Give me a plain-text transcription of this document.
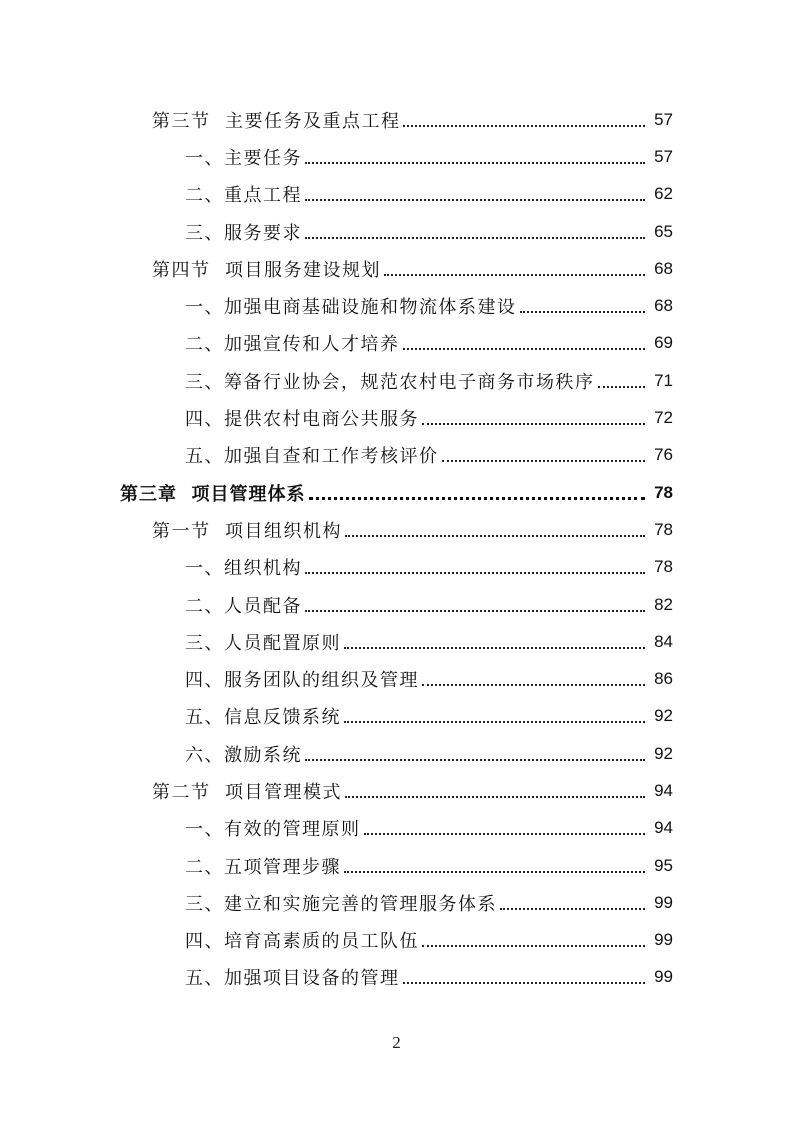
第三节  主要任务及重点工程	57
一、主要任务	57
二、重点工程	62
三、服务要求	65
第四节  项目服务建设规划	68
一、加强电商基础设施和物流体系建设	68
二、加强宣传和人才培养	69
三、筹备行业协会，规范农村电子商务市场秩序	71
四、提供农村电商公共服务	72
五、加强自查和工作考核评价	76
第三章  项目管理体系	78
第一节  项目组织机构	78
一、组织机构	78
二、人员配备	82
三、人员配置原则	84
四、服务团队的组织及管理	86
五、信息反馈系统	92
六、激励系统	92
第二节  项目管理模式	94
一、有效的管理原则	94
二、五项管理步骤	95
三、建立和实施完善的管理服务体系	99
四、培育高素质的员工队伍	99
五、加强项目设备的管理	99
2
